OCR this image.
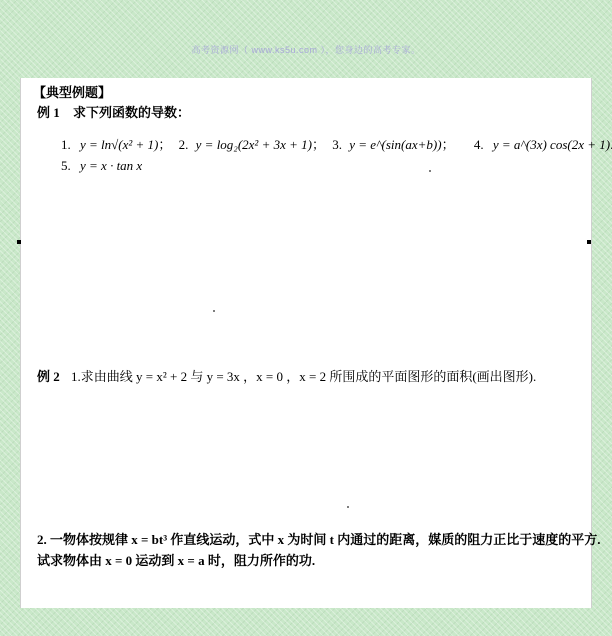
高考资源网（ www.ks5u.com ），您身边的高考专家。
【典型例题】
例 1 求下列函数的导数：
1. y = ln√(x² + 1)； 2. y = log₂(2x² + 3x + 1)； 3. y = e^(sin(ax+b))； 4. y = a^(3x) cos(2x + 1)
5. y = x · tan x
例 2 1.求由曲线 y = x² + 2 与 y = 3x ，x = 0 ，x = 2 所围成的平面图形的面积(画出图形).
2. 一物体按规律 x = bt³ 作直线运动，式中 x 为时间 t 内通过的距离，媒质的阻力正比于速度的平方.
试求物体由 x = 0 运动到 x = a 时，阻力所作的功.
